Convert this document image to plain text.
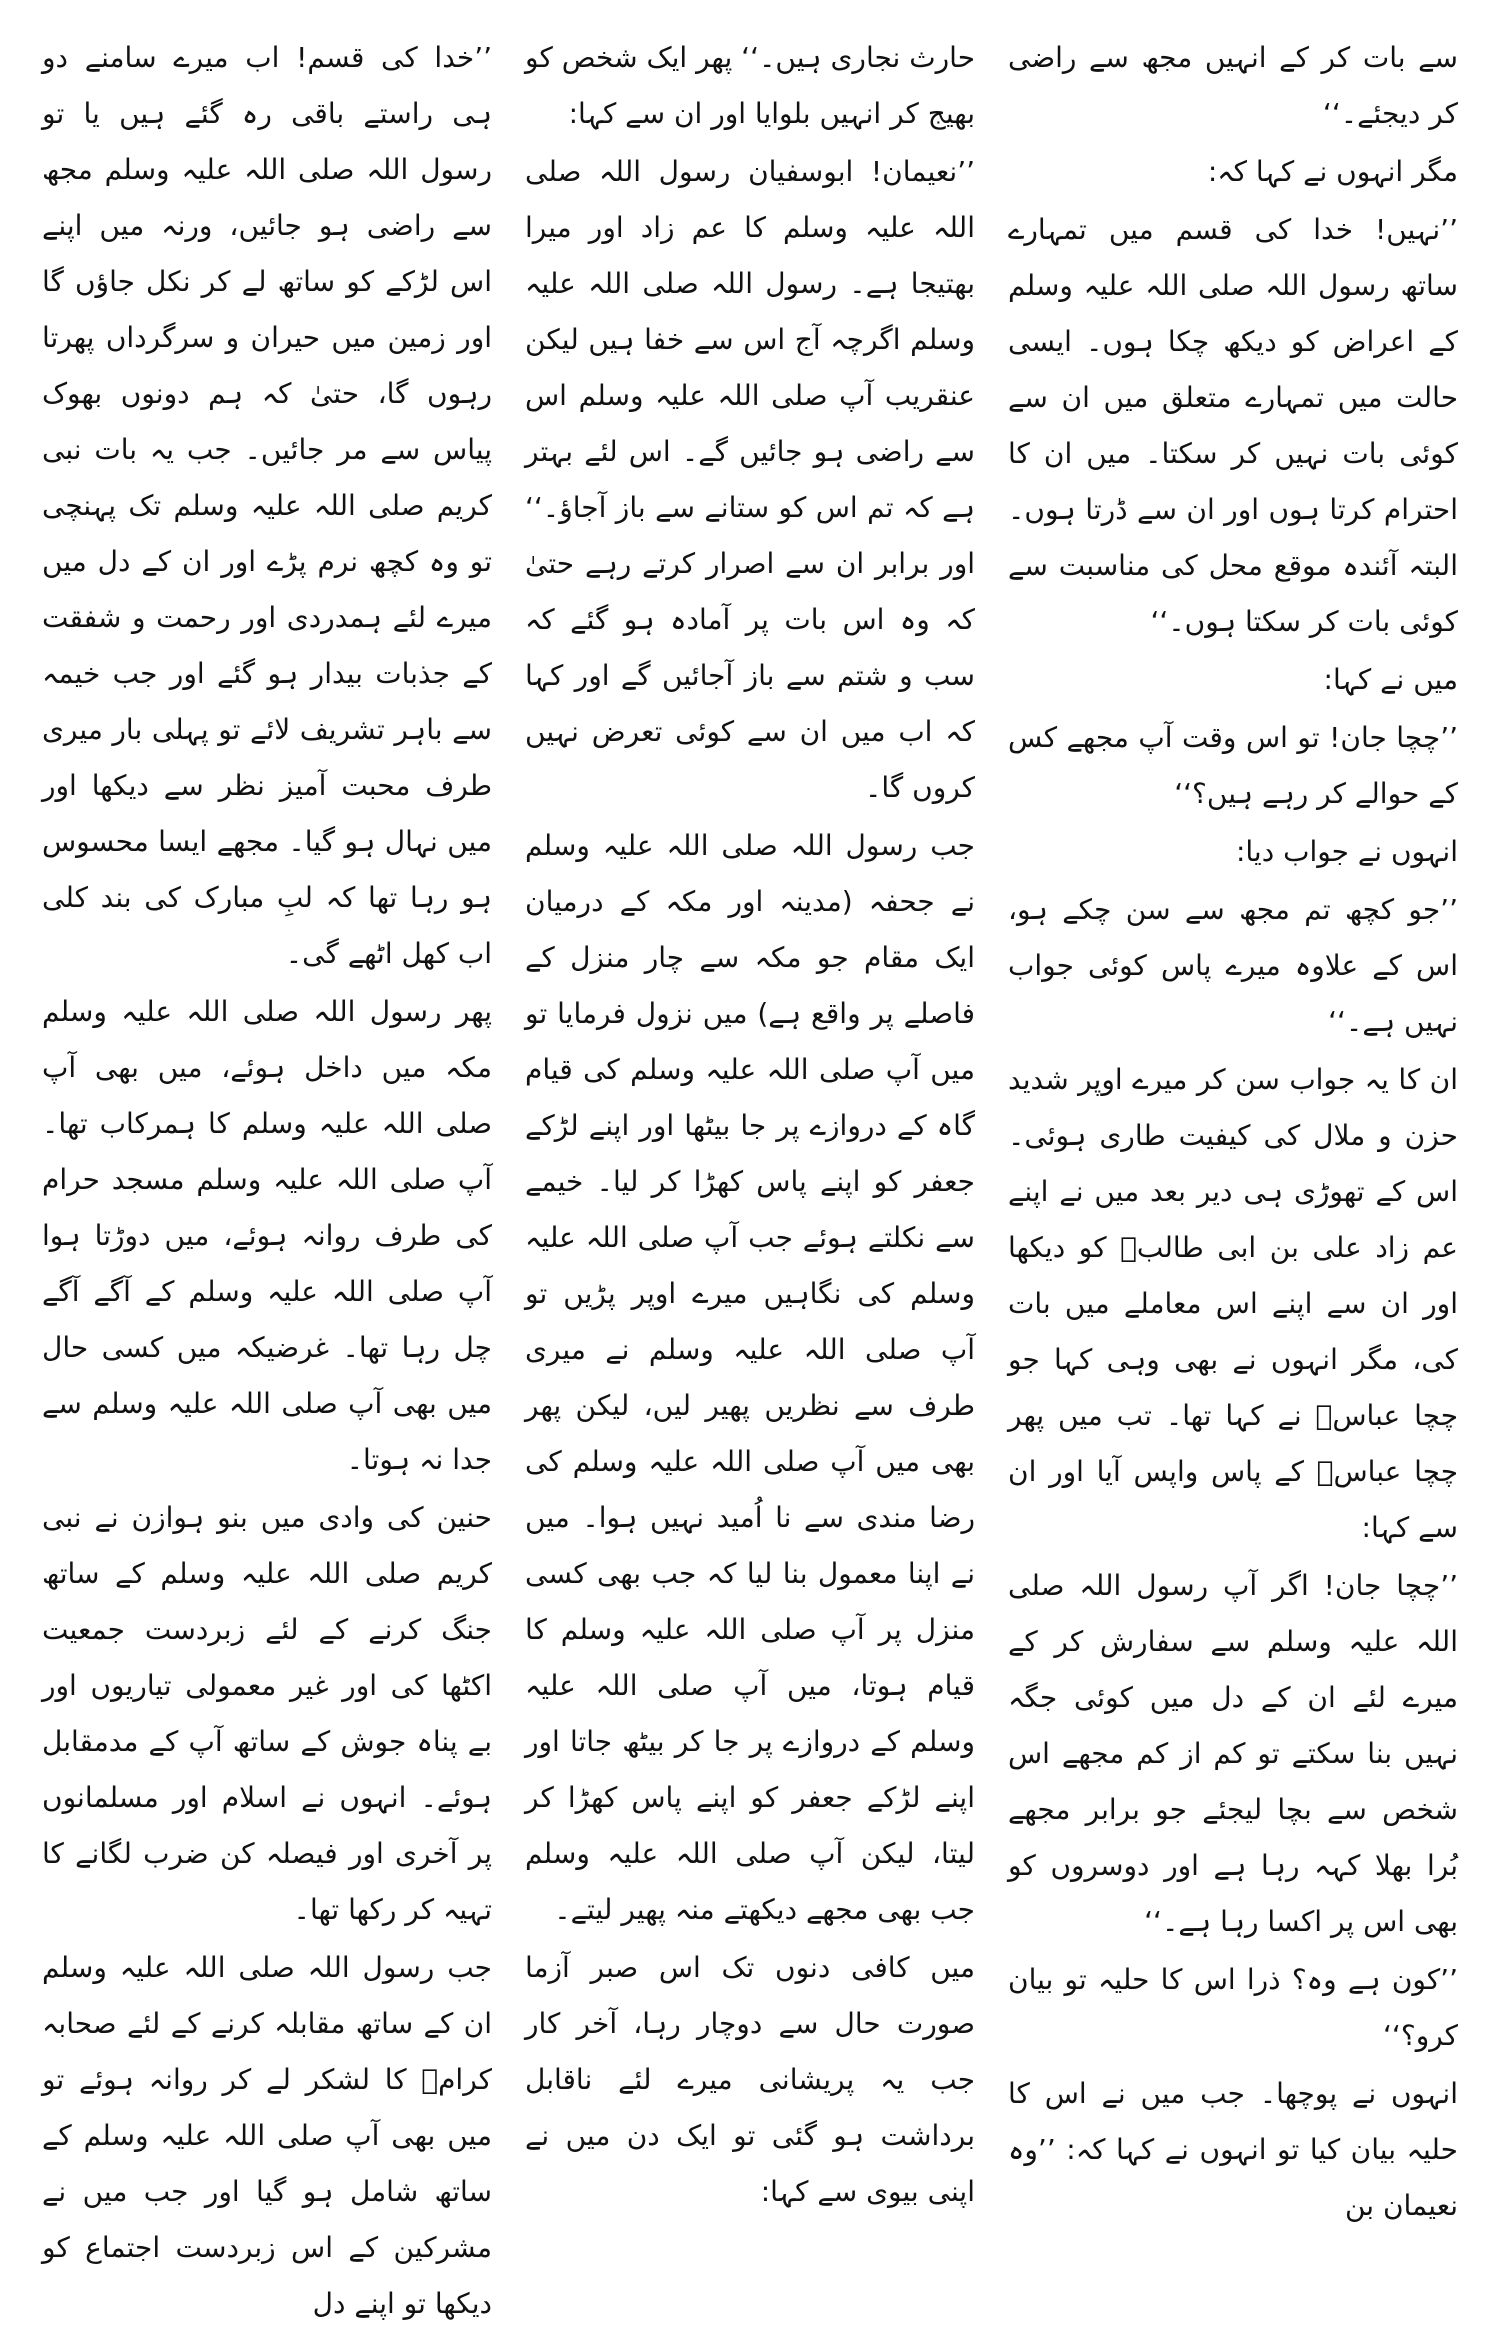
سے بات کر کے انہیں مجھ سے راضی کر دیجئے۔‘‘

مگر انہوں نے کہا کہ:

’’نہیں! خدا کی قسم میں تمہارے ساتھ رسول اللہ صلی اللہ علیہ وسلم کے اعراض کو دیکھ چکا ہوں۔ ایسی حالت میں تمہارے متعلق میں ان سے کوئی بات نہیں کر سکتا۔ میں ان کا احترام کرتا ہوں اور ان سے ڈرتا ہوں۔ البتہ آئندہ موقع محل کی مناسبت سے کوئی بات کر سکتا ہوں۔‘‘

میں نے کہا:

’’چچا جان! تو اس وقت آپ مجھے کس کے حوالے کر رہے ہیں؟‘‘

انہوں نے جواب دیا:

’’جو کچھ تم مجھ سے سن چکے ہو، اس کے علاوہ میرے پاس کوئی جواب نہیں ہے۔‘‘

ان کا یہ جواب سن کر میرے اوپر شدید حزن و ملال کی کیفیت طاری ہوئی۔ اس کے تھوڑی ہی دیر بعد میں نے اپنے عم زاد علی بن ابی طالبؓ کو دیکھا اور ان سے اپنے اس معاملے میں بات کی، مگر انہوں نے بھی وہی کہا جو چچا عباسؓ نے کہا تھا۔ تب میں پھر چچا عباسؓ کے پاس واپس آیا اور ان سے کہا:

’’چچا جان! اگر آپ رسول اللہ صلی اللہ علیہ وسلم سے سفارش کر کے میرے لئے ان کے دل میں کوئی جگہ نہیں بنا سکتے تو کم از کم مجھے اس شخص سے بچا لیجئے جو برابر مجھے بُرا بھلا کہہ رہا ہے اور دوسروں کو بھی اس پر اکسا رہا ہے۔‘‘

’’کون ہے وہ؟ ذرا اس کا حلیہ تو بیان کرو؟‘‘

انہوں نے پوچھا۔ جب میں نے اس کا حلیہ بیان کیا تو انہوں نے کہا کہ: ’’وہ نعیمان بن

حارث نجاری ہیں۔‘‘ پھر ایک شخص کو بھیج کر انہیں بلوایا اور ان سے کہا:

’’نعیمان! ابوسفیان رسول اللہ صلی اللہ علیہ وسلم کا عم زاد اور میرا بھتیجا ہے۔ رسول اللہ صلی اللہ علیہ وسلم اگرچہ آج اس سے خفا ہیں لیکن عنقریب آپ صلی اللہ علیہ وسلم اس سے راضی ہو جائیں گے۔ اس لئے بہتر ہے کہ تم اس کو ستانے سے باز آجاؤ۔‘‘ اور برابر ان سے اصرار کرتے رہے حتیٰ کہ وہ اس بات پر آمادہ ہو گئے کہ سب و شتم سے باز آجائیں گے اور کہا کہ اب میں ان سے کوئی تعرض نہیں کروں گا۔

جب رسول اللہ صلی اللہ علیہ وسلم نے جحفہ (مدینہ اور مکہ کے درمیان ایک مقام جو مکہ سے چار منزل کے فاصلے پر واقع ہے) میں نزول فرمایا تو میں آپ صلی اللہ علیہ وسلم کی قیام گاہ کے دروازے پر جا بیٹھا اور اپنے لڑکے جعفر کو اپنے پاس کھڑا کر لیا۔ خیمے سے نکلتے ہوئے جب آپ صلی اللہ علیہ وسلم کی نگاہیں میرے اوپر پڑیں تو آپ صلی اللہ علیہ وسلم نے میری طرف سے نظریں پھیر لیں، لیکن پھر بھی میں آپ صلی اللہ علیہ وسلم کی رضا مندی سے نا اُمید نہیں ہوا۔ میں نے اپنا معمول بنا لیا کہ جب بھی کسی منزل پر آپ صلی اللہ علیہ وسلم کا قیام ہوتا، میں آپ صلی اللہ علیہ وسلم کے دروازے پر جا کر بیٹھ جاتا اور اپنے لڑکے جعفر کو اپنے پاس کھڑا کر لیتا، لیکن آپ صلی اللہ علیہ وسلم جب بھی مجھے دیکھتے منہ پھیر لیتے۔

میں کافی دنوں تک اس صبر آزما صورت حال سے دوچار رہا، آخر کار جب یہ پریشانی میرے لئے ناقابل برداشت ہو گئی تو ایک دن میں نے اپنی بیوی سے کہا:

’’خدا کی قسم! اب میرے سامنے دو ہی راستے باقی رہ گئے ہیں یا تو رسول اللہ صلی اللہ علیہ وسلم مجھ سے راضی ہو جائیں، ورنہ میں اپنے اس لڑکے کو ساتھ لے کر نکل جاؤں گا اور زمین میں حیران و سرگرداں پھرتا رہوں گا، حتیٰ کہ ہم دونوں بھوک پیاس سے مر جائیں۔ جب یہ بات نبی کریم صلی اللہ علیہ وسلم تک پہنچی تو وہ کچھ نرم پڑے اور ان کے دل میں میرے لئے ہمدردی اور رحمت و شفقت کے جذبات بیدار ہو گئے اور جب خیمہ سے باہر تشریف لائے تو پہلی بار میری طرف محبت آمیز نظر سے دیکھا اور میں نہال ہو گیا۔ مجھے ایسا محسوس ہو رہا تھا کہ لبِ مبارک کی بند کلی اب کھل اٹھے گی۔

پھر رسول اللہ صلی اللہ علیہ وسلم مکہ میں داخل ہوئے، میں بھی آپ صلی اللہ علیہ وسلم کا ہمرکاب تھا۔ آپ صلی اللہ علیہ وسلم مسجد حرام کی طرف روانہ ہوئے، میں دوڑتا ہوا آپ صلی اللہ علیہ وسلم کے آگے آگے چل رہا تھا۔ غرضیکہ میں کسی حال میں بھی آپ صلی اللہ علیہ وسلم سے جدا نہ ہوتا۔

حنین کی وادی میں بنو ہوازن نے نبی کریم صلی اللہ علیہ وسلم کے ساتھ جنگ کرنے کے لئے زبردست جمعیت اکٹھا کی اور غیر معمولی تیاریوں اور بے پناہ جوش کے ساتھ آپ کے مدمقابل ہوئے۔ انہوں نے اسلام اور مسلمانوں پر آخری اور فیصلہ کن ضرب لگانے کا تہیہ کر رکھا تھا۔

جب رسول اللہ صلی اللہ علیہ وسلم ان کے ساتھ مقابلہ کرنے کے لئے صحابہ کرامؓ کا لشکر لے کر روانہ ہوئے تو میں بھی آپ صلی اللہ علیہ وسلم کے ساتھ شامل ہو گیا اور جب میں نے مشرکین کے اس زبردست اجتماع کو دیکھا تو اپنے دل
